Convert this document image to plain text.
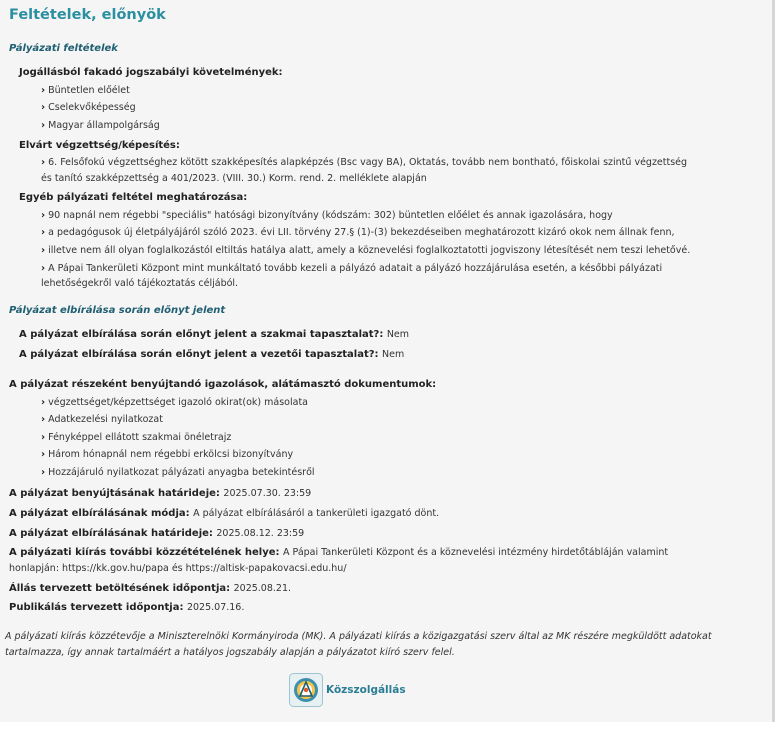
Feltételek, előnyök
Pályázati feltételek
Jogállásból fakadó jogszabályi követelmények:
› Büntetlen előélet
› Cselekvőképesség
› Magyar állampolgárság
Elvárt végzettség/képesítés:
› 6. Felsőfokú végzettséghez kötött szakképesítés alapképzés (Bsc vagy BA), Oktatás, tovább nem bontható, főiskolai szintű végzettség
és tanító szakképzettség a 401/2023. (VIII. 30.) Korm. rend. 2. melléklete alapján
Egyéb pályázati feltétel meghatározása:
› 90 napnál nem régebbi "speciális" hatósági bizonyítvány (kódszám: 302) büntetlen előélet és annak igazolására, hogy
› a pedagógusok új életpályájáról szóló 2023. évi LII. törvény 27.§ (1)-(3) bekezdéseiben meghatározott kizáró okok nem állnak fenn,
› illetve nem áll olyan foglalkozástól eltiltás hatálya alatt, amely a köznevelési foglalkoztatotti jogviszony létesítését nem teszi lehetővé.
› A Pápai Tankerületi Központ mint munkáltató tovább kezeli a pályázó adatait a pályázó hozzájárulása esetén, a későbbi pályázati
lehetőségekről való tájékoztatás céljából.
Pályázat elbírálása során előnyt jelent
A pályázat elbírálása során előnyt jelent a szakmai tapasztalat?: Nem
A pályázat elbírálása során előnyt jelent a vezetői tapasztalat?: Nem
A pályázat részeként benyújtandó igazolások, alátámasztó dokumentumok:
› végzettséget/képzettséget igazoló okirat(ok) másolata
› Adatkezelési nyilatkozat
› Fényképpel ellátott szakmai önéletrajz
› Három hónapnál nem régebbi erkölcsi bizonyítvány
› Hozzájáruló nyilatkozat pályázati anyagba betekintésről
A pályázat benyújtásának határideje: 2025.07.30. 23:59
A pályázat elbírálásának módja: A pályázat elbírálásáról a tankerületi igazgató dönt.
A pályázat elbírálásának határideje: 2025.08.12. 23:59
A pályázati kiírás további közzétételének helye: A Pápai Tankerületi Központ és a köznevelési intézmény hirdetőtábláján valamint
honlapján: https://kk.gov.hu/papa és https://altisk-papakovacsi.edu.hu/
Állás tervezett betöltésének időpontja: 2025.08.21.
Publikálás tervezett időpontja: 2025.07.16.
A pályázati kiírás közzétevője a Miniszterelnöki Kormányiroda (MK). A pályázati kiírás a közigazgatási szerv által az MK részére megküldött adatokat tartalmazza, így annak tartalmáért a hatályos jogszabály alapján a pályázatot kiíró szerv felel.
Közszolgállás
